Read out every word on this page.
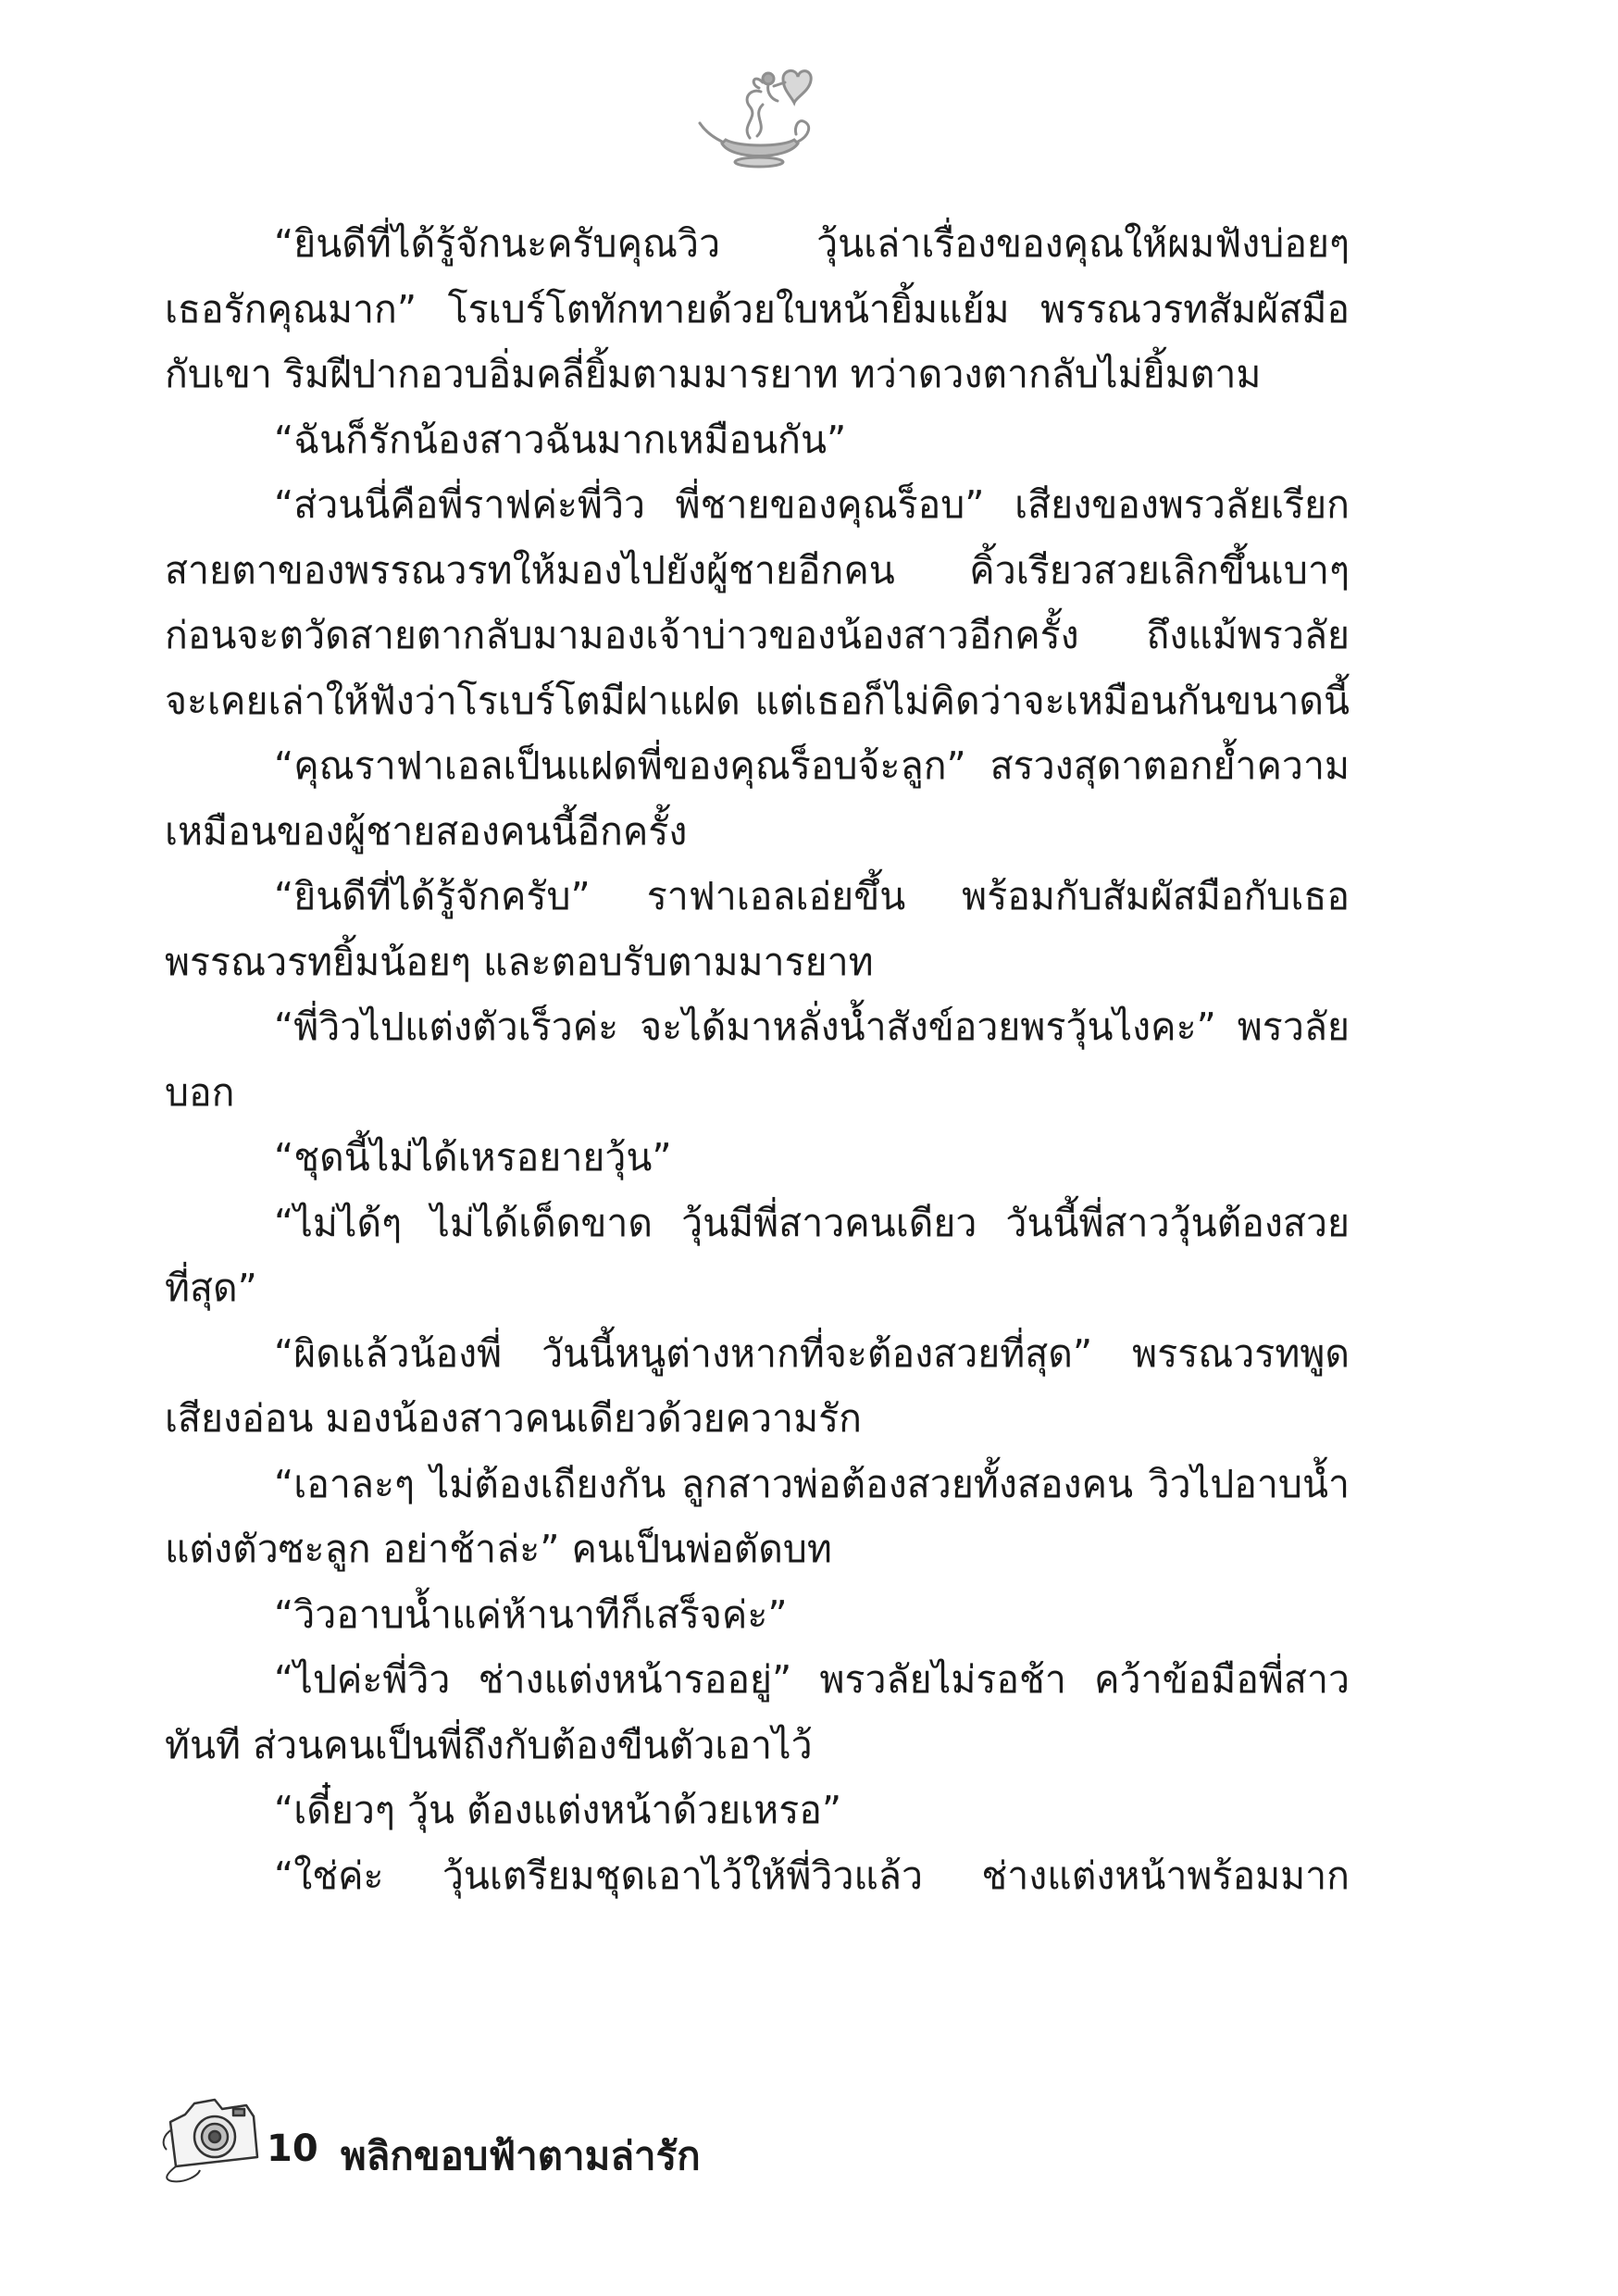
“ยินดีที่ได้รู้จักนะครับคุณวิว วุ้นเล่าเรื่องของคุณให้ผมฟังบ่อยๆ
เธอรักคุณมาก” โรเบร์โตทักทายด้วยใบหน้ายิ้มแย้ม พรรณวรทสัมผัสมือ
กับเขา ริมฝีปากอวบอิ่มคลี่ยิ้มตามมารยาท ทว่าดวงตากลับไม่ยิ้มตาม
“ฉันก็รักน้องสาวฉันมากเหมือนกัน”
“ส่วนนี่คือพี่ราฟค่ะพี่วิว พี่ชายของคุณร็อบ” เสียงของพรวลัยเรียก
สายตาของพรรณวรทให้มองไปยังผู้ชายอีกคน คิ้วเรียวสวยเลิกขึ้นเบาๆ
ก่อนจะตวัดสายตากลับมามองเจ้าบ่าวของน้องสาวอีกครั้ง ถึงแม้พรวลัย
จะเคยเล่าให้ฟังว่าโรเบร์โตมีฝาแฝด แต่เธอก็ไม่คิดว่าจะเหมือนกันขนาดนี้
“คุณราฟาเอลเป็นแฝดพี่ของคุณร็อบจ้ะลูก” สรวงสุดาตอกย้ำความ
เหมือนของผู้ชายสองคนนี้อีกครั้ง
“ยินดีที่ได้รู้จักครับ” ราฟาเอลเอ่ยขึ้น พร้อมกับสัมผัสมือกับเธอ
พรรณวรทยิ้มน้อยๆ และตอบรับตามมารยาท
“พี่วิวไปแต่งตัวเร็วค่ะ จะได้มาหลั่งน้ำสังข์อวยพรวุ้นไงคะ” พรวลัย
บอก
“ชุดนี้ไม่ได้เหรอยายวุ้น”
“ไม่ได้ๆ ไม่ได้เด็ดขาด วุ้นมีพี่สาวคนเดียว วันนี้พี่สาววุ้นต้องสวย
ที่สุด”
“ผิดแล้วน้องพี่ วันนี้หนูต่างหากที่จะต้องสวยที่สุด” พรรณวรทพูด
เสียงอ่อน มองน้องสาวคนเดียวด้วยความรัก
“เอาละๆ ไม่ต้องเถียงกัน ลูกสาวพ่อต้องสวยทั้งสองคน วิวไปอาบน้ำ
แต่งตัวซะลูก อย่าช้าล่ะ” คนเป็นพ่อตัดบท
“วิวอาบน้ำแค่ห้านาทีก็เสร็จค่ะ”
“ไปค่ะพี่วิว ช่างแต่งหน้ารออยู่” พรวลัยไม่รอช้า คว้าข้อมือพี่สาว
ทันที ส่วนคนเป็นพี่ถึงกับต้องขืนตัวเอาไว้
“เดี๋ยวๆ วุ้น ต้องแต่งหน้าด้วยเหรอ”
“ใช่ค่ะ วุ้นเตรียมชุดเอาไว้ให้พี่วิวแล้ว ช่างแต่งหน้าพร้อมมาก
10 พลิกขอบฟ้าตามล่ารัก
